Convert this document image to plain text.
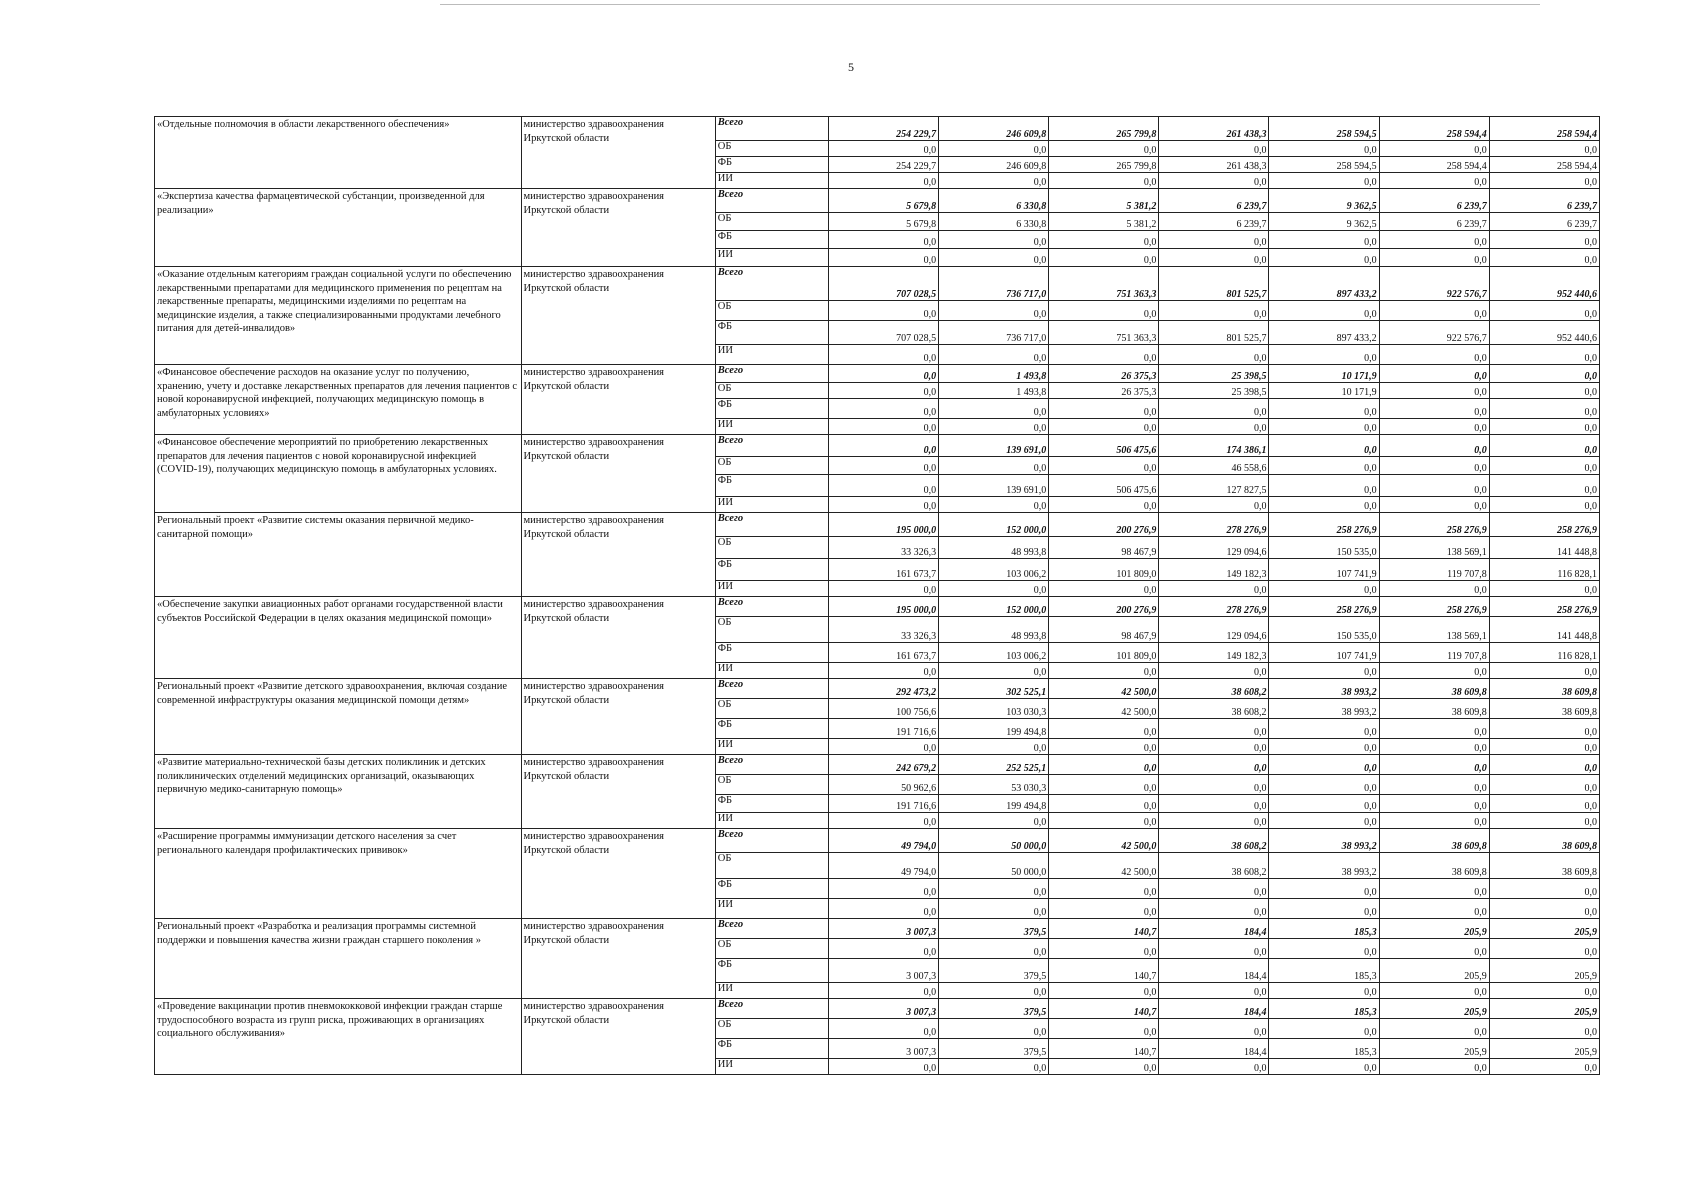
5
«Отдельные полномочия в области лекарственного обеспечения»	министерство здравоохранения Иркутской области	Всего	254 229,7	246 609,8	265 799,8	261 438,3	258 594,5	258 594,4	258 594,4
		ОБ	0,0	0,0	0,0	0,0	0,0	0,0	0,0
		ФБ	254 229,7	246 609,8	265 799,8	261 438,3	258 594,5	258 594,4	258 594,4
		ИИ	0,0	0,0	0,0	0,0	0,0	0,0	0,0
«Экспертиза качества фармацевтической субстанции, произведенной для реализации»	министерство здравоохранения Иркутской области	Всего	5 679,8	6 330,8	5 381,2	6 239,7	9 362,5	6 239,7	6 239,7
		ОБ	5 679,8	6 330,8	5 381,2	6 239,7	9 362,5	6 239,7	6 239,7
		ФБ	0,0	0,0	0,0	0,0	0,0	0,0	0,0
		ИИ	0,0	0,0	0,0	0,0	0,0	0,0	0,0
«Оказание отдельным категориям граждан социальной услуги по обеспечению лекарственными препаратами для медицинского применения по рецептам на лекарственные препараты, медицинскими изделиями по рецептам на медицинские изделия, а также специализированными продуктами лечебного питания для детей-инвалидов»	министерство здравоохранения Иркутской области	Всего	707 028,5	736 717,0	751 363,3	801 525,7	897 433,2	922 576,7	952 440,6
		ОБ	0,0	0,0	0,0	0,0	0,0	0,0	0,0
		ФБ	707 028,5	736 717,0	751 363,3	801 525,7	897 433,2	922 576,7	952 440,6
		ИИ	0,0	0,0	0,0	0,0	0,0	0,0	0,0
«Финансовое обеспечение расходов на оказание услуг по получению, хранению, учету и доставке лекарственных препаратов для лечения пациентов с новой коронавирусной инфекцией, получающих медицинскую помощь в амбулаторных условиях»	министерство здравоохранения Иркутской области	Всего	0,0	1 493,8	26 375,3	25 398,5	10 171,9	0,0	0,0
		ОБ	0,0	1 493,8	26 375,3	25 398,5	10 171,9	0,0	0,0
		ФБ	0,0	0,0	0,0	0,0	0,0	0,0	0,0
		ИИ	0,0	0,0	0,0	0,0	0,0	0,0	0,0
«Финансовое обеспечение мероприятий по приобретению лекарственных препаратов для лечения пациентов с новой коронавирусной инфекцией (COVID-19), получающих медицинскую помощь в амбулаторных условиях.	министерство здравоохранения Иркутской области	Всего	0,0	139 691,0	506 475,6	174 386,1	0,0	0,0	0,0
		ОБ	0,0	0,0	0,0	46 558,6	0,0	0,0	0,0
		ФБ	0,0	139 691,0	506 475,6	127 827,5	0,0	0,0	0,0
		ИИ	0,0	0,0	0,0	0,0	0,0	0,0	0,0
Региональный проект «Развитие системы оказания первичной медико-санитарной помощи»	министерство здравоохранения Иркутской области	Всего	195 000,0	152 000,0	200 276,9	278 276,9	258 276,9	258 276,9	258 276,9
		ОБ	33 326,3	48 993,8	98 467,9	129 094,6	150 535,0	138 569,1	141 448,8
		ФБ	161 673,7	103 006,2	101 809,0	149 182,3	107 741,9	119 707,8	116 828,1
		ИИ	0,0	0,0	0,0	0,0	0,0	0,0	0,0
«Обеспечение закупки авиационных работ органами государственной власти субъектов Российской Федерации в целях оказания медицинской помощи»	министерство здравоохранения Иркутской области	Всего	195 000,0	152 000,0	200 276,9	278 276,9	258 276,9	258 276,9	258 276,9
		ОБ	33 326,3	48 993,8	98 467,9	129 094,6	150 535,0	138 569,1	141 448,8
		ФБ	161 673,7	103 006,2	101 809,0	149 182,3	107 741,9	119 707,8	116 828,1
		ИИ	0,0	0,0	0,0	0,0	0,0	0,0	0,0
Региональный проект «Развитие детского здравоохранения, включая создание современной инфраструктуры оказания медицинской помощи детям»	министерство здравоохранения Иркутской области	Всего	292 473,2	302 525,1	42 500,0	38 608,2	38 993,2	38 609,8	38 609,8
		ОБ	100 756,6	103 030,3	42 500,0	38 608,2	38 993,2	38 609,8	38 609,8
		ФБ	191 716,6	199 494,8	0,0	0,0	0,0	0,0	0,0
		ИИ	0,0	0,0	0,0	0,0	0,0	0,0	0,0
«Развитие материально-технической базы детских поликлиник и детских поликлинических отделений медицинских организаций, оказывающих первичную медико-санитарную помощь»	министерство здравоохранения Иркутской области	Всего	242 679,2	252 525,1	0,0	0,0	0,0	0,0	0,0
		ОБ	50 962,6	53 030,3	0,0	0,0	0,0	0,0	0,0
		ФБ	191 716,6	199 494,8	0,0	0,0	0,0	0,0	0,0
		ИИ	0,0	0,0	0,0	0,0	0,0	0,0	0,0
«Расширение программы иммунизации детского населения за счет регионального календаря профилактических прививок»	министерство здравоохранения Иркутской области	Всего	49 794,0	50 000,0	42 500,0	38 608,2	38 993,2	38 609,8	38 609,8
		ОБ	49 794,0	50 000,0	42 500,0	38 608,2	38 993,2	38 609,8	38 609,8
		ФБ	0,0	0,0	0,0	0,0	0,0	0,0	0,0
		ИИ	0,0	0,0	0,0	0,0	0,0	0,0	0,0
Региональный проект «Разработка и реализация программы системной поддержки и повышения качества жизни граждан старшего поколения »	министерство здравоохранения Иркутской области	Всего	3 007,3	379,5	140,7	184,4	185,3	205,9	205,9
		ОБ	0,0	0,0	0,0	0,0	0,0	0,0	0,0
		ФБ	3 007,3	379,5	140,7	184,4	185,3	205,9	205,9
		ИИ	0,0	0,0	0,0	0,0	0,0	0,0	0,0
«Проведение вакцинации против пневмококковой инфекции граждан старше трудоспособного возраста из групп риска, проживающих в организациях социального обслуживания»	министерство здравоохранения Иркутской области	Всего	3 007,3	379,5	140,7	184,4	185,3	205,9	205,9
		ОБ	0,0	0,0	0,0	0,0	0,0	0,0	0,0
		ФБ	3 007,3	379,5	140,7	184,4	185,3	205,9	205,9
		ИИ	0,0	0,0	0,0	0,0	0,0	0,0	0,0
